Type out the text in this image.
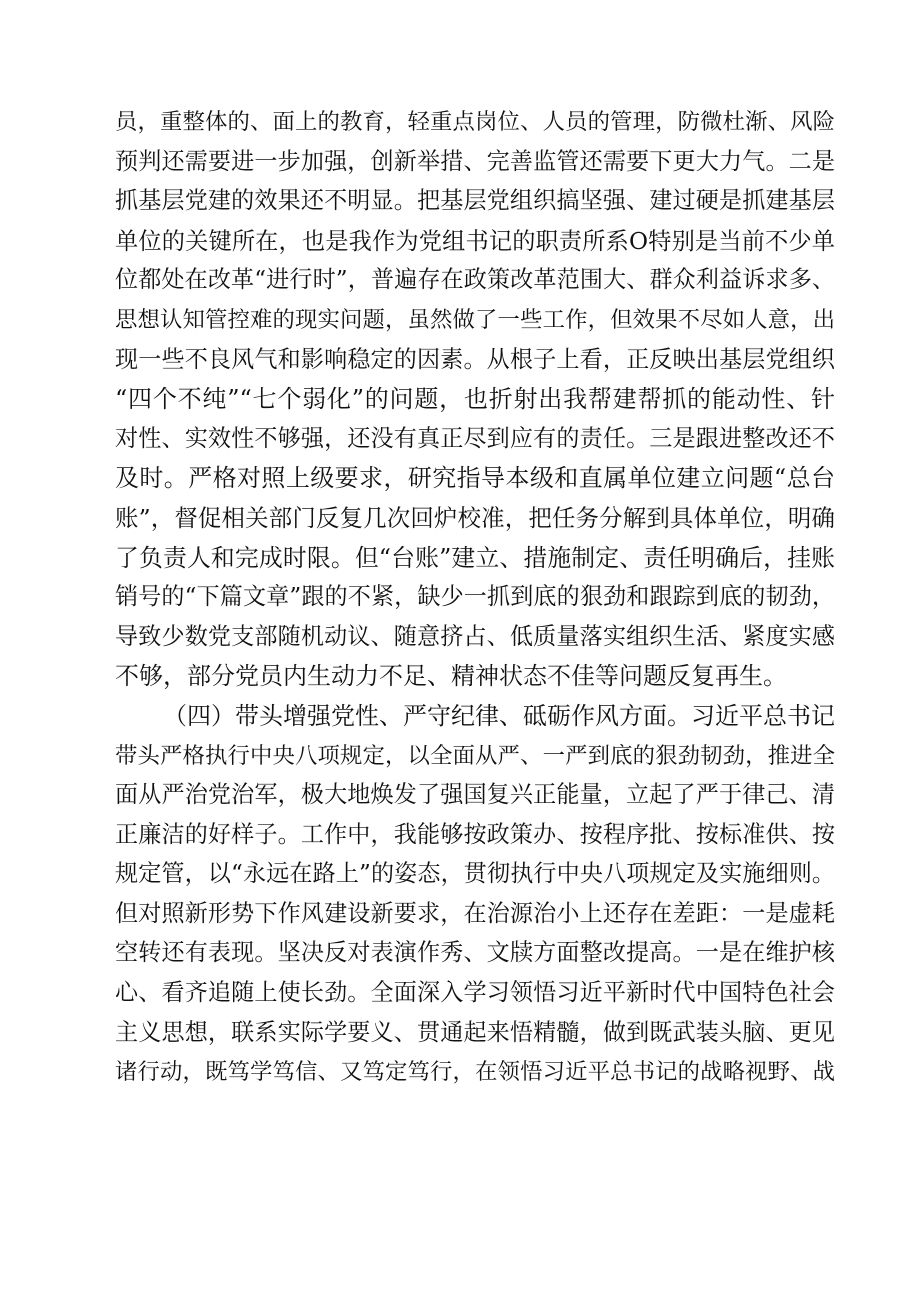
员，重整体的、面上的教育，轻重点岗位、人员的管理，防微杜渐、风险
预判还需要进一步加强，创新举措、完善监管还需要下更大力气。二是
抓基层党建的效果还不明显。把基层党组织搞坚强、建过硬是抓建基层
单位的关键所在，也是我作为党组书记的职责所系O特别是当前不少单
位都处在改革“进行时”，普遍存在政策改革范围大、群众利益诉求多、
思想认知管控难的现实问题，虽然做了一些工作，但效果不尽如人意，出
现一些不良风气和影响稳定的因素。从根子上看，正反映出基层党组织
“四个不纯”“七个弱化”的问题，也折射出我帮建帮抓的能动性、针
对性、实效性不够强，还没有真正尽到应有的责任。三是跟进整改还不
及时。严格对照上级要求，研究指导本级和直属单位建立问题“总台
账”，督促相关部门反复几次回炉校准，把任务分解到具体单位，明确
了负责人和完成时限。但“台账”建立、措施制定、责任明确后，挂账
销号的“下篇文章”跟的不紧，缺少一抓到底的狠劲和跟踪到底的韧劲，
导致少数党支部随机动议、随意挤占、低质量落实组织生活、紧度实感
不够，部分党员内生动力不足、精神状态不佳等问题反复再生。
（四）带头增强党性、严守纪律、砥砺作风方面。习近平总书记
带头严格执行中央八项规定，以全面从严、一严到底的狠劲韧劲，推进全
面从严治党治军，极大地焕发了强国复兴正能量，立起了严于律己、清
正廉洁的好样子。工作中，我能够按政策办、按程序批、按标准供、按
规定管，以“永远在路上”的姿态，贯彻执行中央八项规定及实施细则。
但对照新形势下作风建设新要求，在治源治小上还存在差距：一是虚耗
空转还有表现。坚决反对表演作秀、文牍方面整改提高。一是在维护核
心、看齐追随上使长劲。全面深入学习领悟习近平新时代中国特色社会
主义思想，联系实际学要义、贯通起来悟精髓，做到既武装头脑、更见
诸行动，既笃学笃信、又笃定笃行，在领悟习近平总书记的战略视野、战
